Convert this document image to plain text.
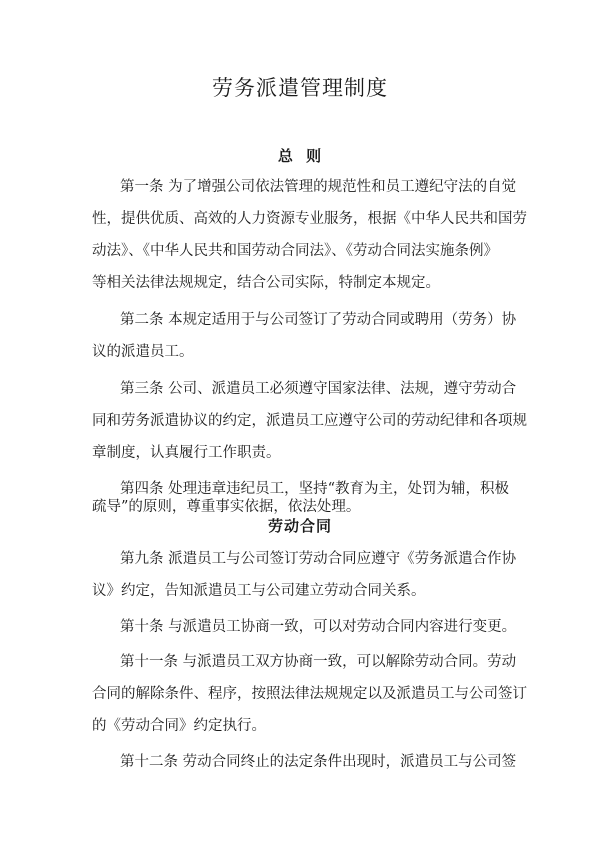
劳务派遣管理制度
总 则

第一条 为了增强公司依法管理的规范性和员工遵纪守法的自觉

性，提供优质、高效的人力资源专业服务，根据《中华人民共和国劳

动法》、《中华人民共和国劳动合同法》、《劳动合同法实施条例》

等相关法律法规规定，结合公司实际，特制定本规定。

第二条 本规定适用于与公司签订了劳动合同或聘用（劳务）协

议的派遣员工。

第三条 公司、派遣员工必须遵守国家法律、法规，遵守劳动合

同和劳务派遣协议的约定，派遣员工应遵守公司的劳动纪律和各项规

章制度，认真履行工作职责。

第四条 处理违章违纪员工，坚持“教育为主，处罚为辅，积极

疏导”的原则，尊重事实依据，依法处理。

劳动合同

第九条 派遣员工与公司签订劳动合同应遵守《劳务派遣合作协

议》约定，告知派遣员工与公司建立劳动合同关系。

第十条 与派遣员工协商一致，可以对劳动合同内容进行变更。

第十一条 与派遣员工双方协商一致，可以解除劳动合同。劳动

合同的解除条件、程序，按照法律法规规定以及派遣员工与公司签订

的《劳动合同》约定执行。

第十二条 劳动合同终止的法定条件出现时，派遣员工与公司签
